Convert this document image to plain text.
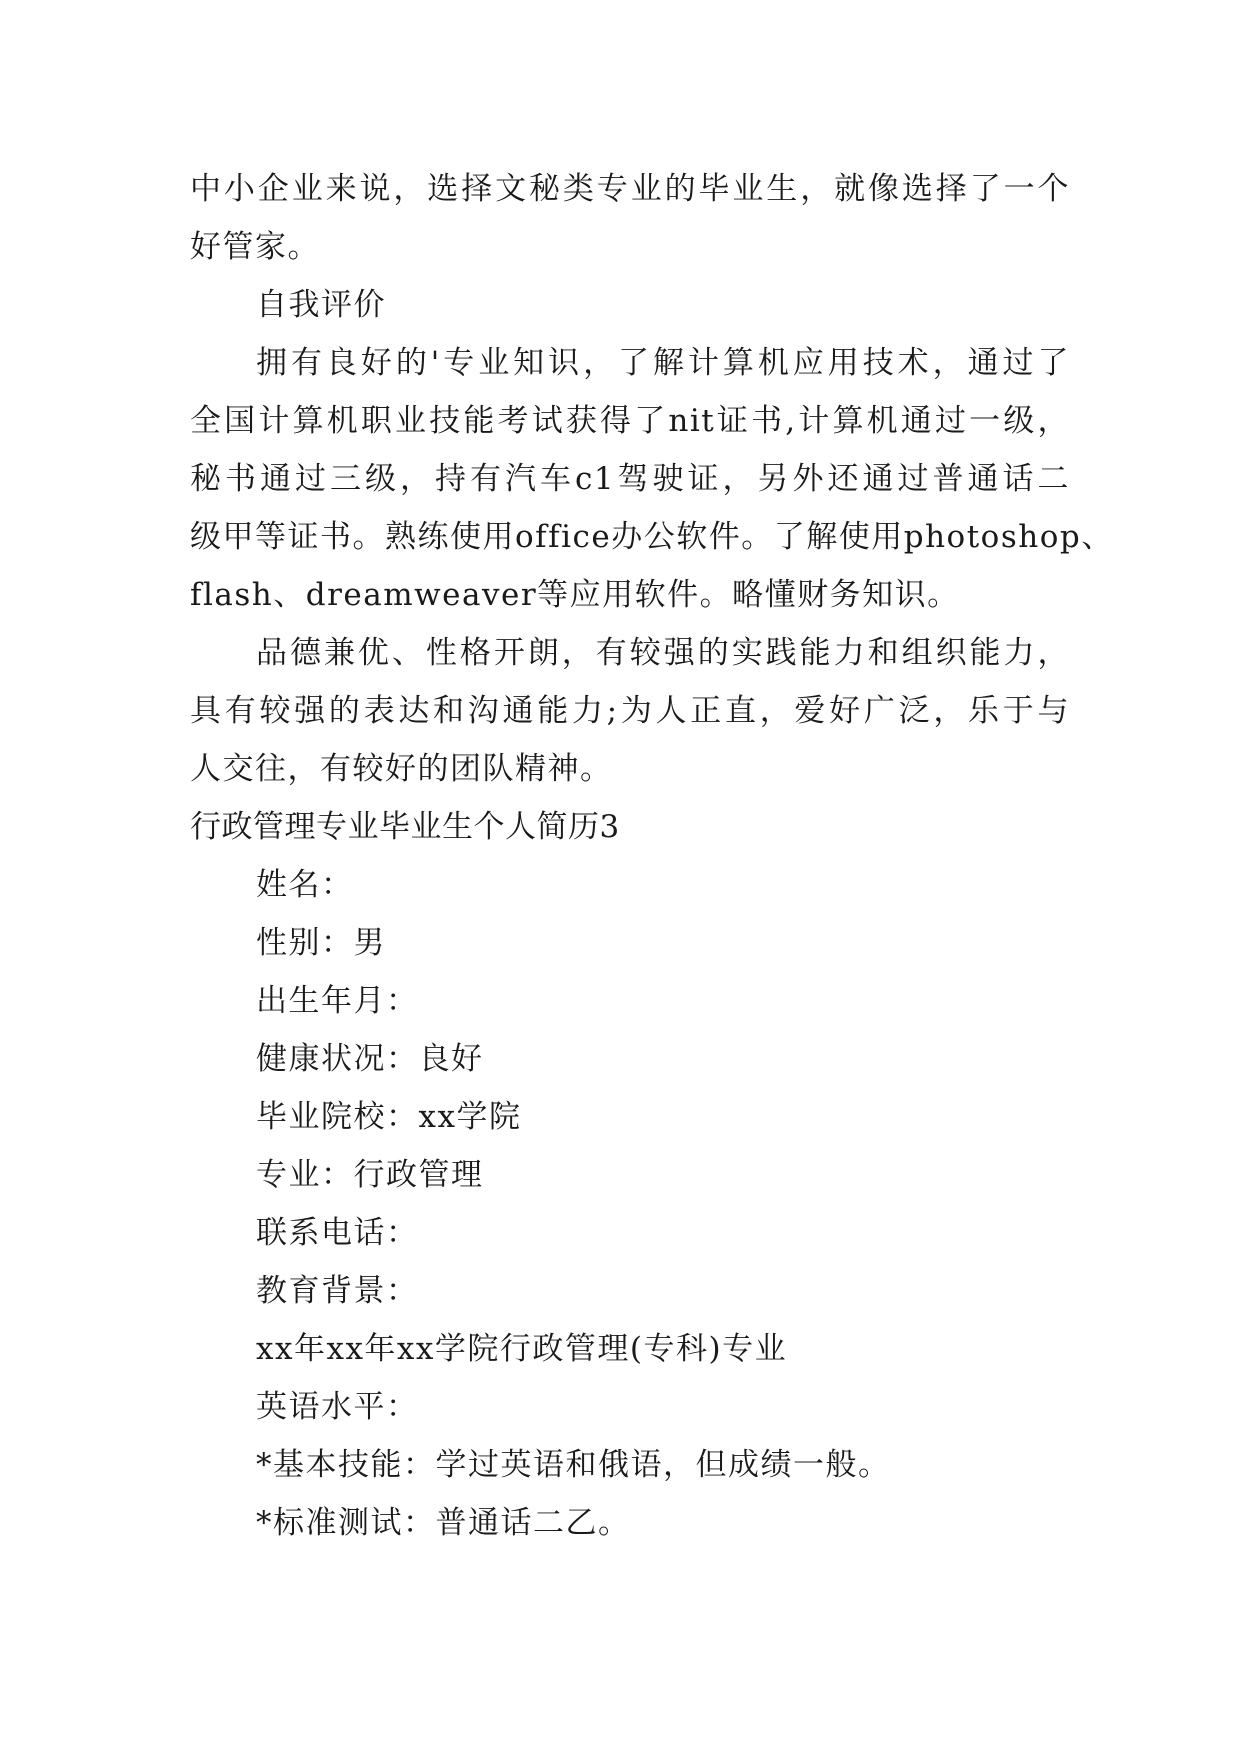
中小企业来说，选择文秘类专业的毕业生，就像选择了一个
好管家。
自我评价
拥有良好的'专业知识，了解计算机应用技术，通过了
全国计算机职业技能考试获得了nit证书,计算机通过一级，
秘书通过三级，持有汽车c1驾驶证，另外还通过普通话二
级甲等证书。熟练使用office办公软件。了解使用photoshop、
flash、dreamweaver等应用软件。略懂财务知识。
品德兼优、性格开朗，有较强的实践能力和组织能力，
具有较强的表达和沟通能力;为人正直，爱好广泛，乐于与
人交往，有较好的团队精神。
行政管理专业毕业生个人简历3
姓名：
性别：男
出生年月：
健康状况：良好
毕业院校：xx学院
专业：行政管理
联系电话：
教育背景：
xx年xx年xx学院行政管理(专科)专业
英语水平：
*基本技能：学过英语和俄语，但成绩一般。
*标准测试：普通话二乙。
